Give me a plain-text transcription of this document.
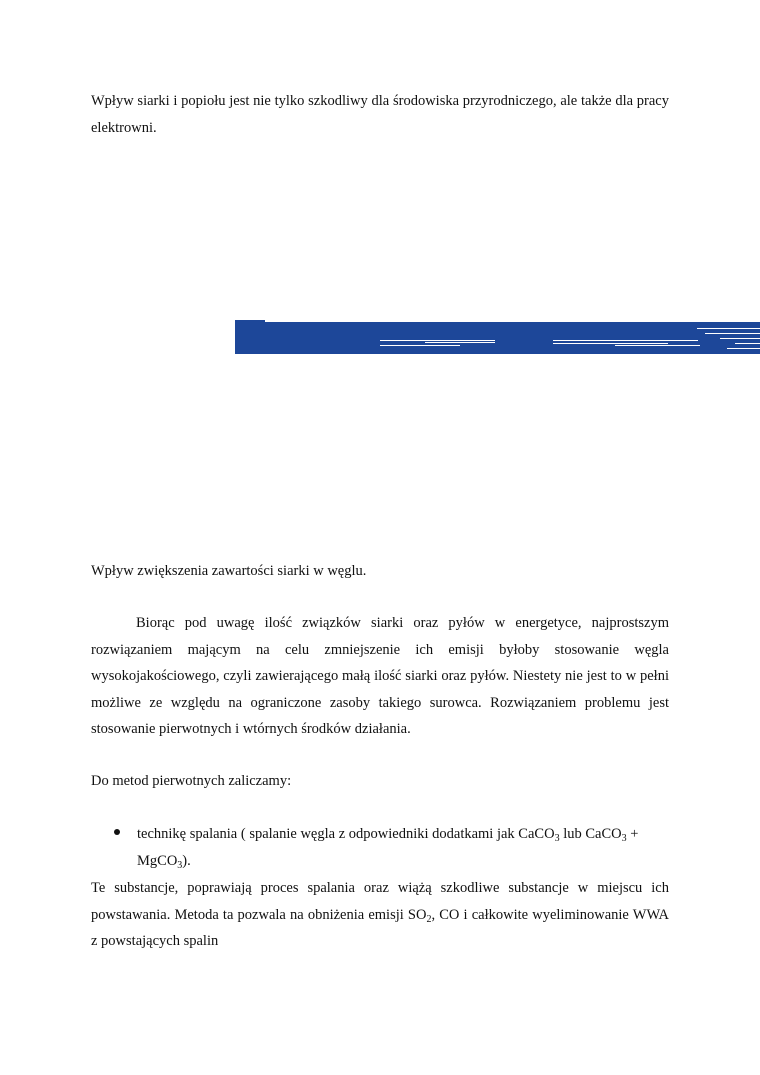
Wpływ siarki i popiołu jest nie tylko szkodliwy dla środowiska przyrodniczego, ale także dla pracy elektrowni.

Wpływ zwiększenia zawartości siarki w węglu.

Biorąc pod uwagę ilość związków siarki oraz pyłów w energetyce, najprostszym rozwiązaniem mającym na celu zmniejszenie ich emisji byłoby stosowanie węgla wysokojakościowego, czyli zawierającego małą ilość siarki oraz pyłów. Niestety nie jest to w pełni możliwe ze względu na ograniczone zasoby takiego surowca. Rozwiązaniem problemu jest stosowanie pierwotnych i wtórnych środków działania.

Do metod pierwotnych zaliczamy:

technikę spalania ( spalanie węgla z odpowiedniki dodatkami jak CaCO$_3$ lub CaCO$_3$ + MgCO$_3$).

Te substancje, poprawiają proces spalania oraz wiążą szkodliwe substancje w miejscu ich powstawania. Metoda ta pozwala na obniżenia emisji $SO_2$, CO i całkowite wyeliminowanie WWA z powstających spalin
